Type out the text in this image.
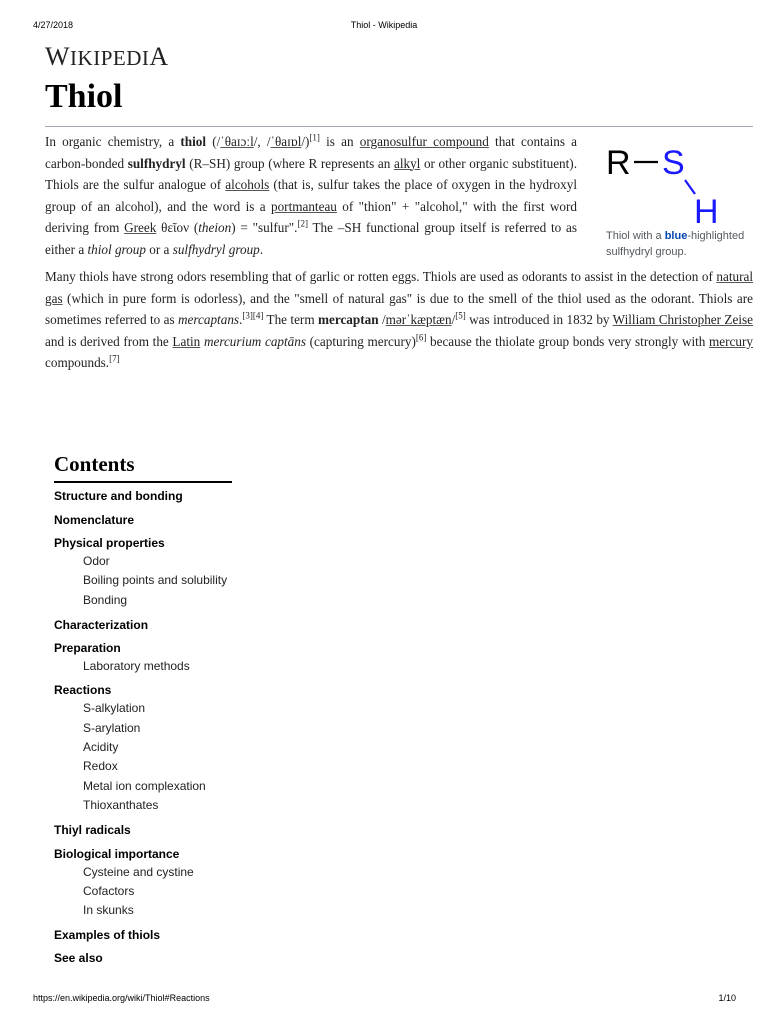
4/27/2018	Thiol - Wikipedia
WIKIPEDIA
Thiol

In organic chemistry, a thiol (/ˈθaɪɔːl/, /ˈθaɪɒl/)[1] is an organosulfur compound that contains a carbon-bonded sulfhydryl (R–SH) group (where R represents an alkyl or other organic substituent). Thiols are the sulfur analogue of alcohols (that is, sulfur takes the place of oxygen in the hydroxyl group of an alcohol), and the word is a portmanteau of "thion" + "alcohol," with the first word deriving from Greek θεῖον (theion) = "sulfur".[2] The –SH functional group itself is referred to as either a thiol group or a sulfhydryl group.

R S
H
Thiol with a blue-highlighted sulfhydryl group.

Many thiols have strong odors resembling that of garlic or rotten eggs. Thiols are used as odorants to assist in the detection of natural gas (which in pure form is odorless), and the "smell of natural gas" is due to the smell of the thiol used as the odorant. Thiols are sometimes referred to as mercaptans.[3][4] The term mercaptan /mərˈkæptæn/[5] was introduced in 1832 by William Christopher Zeise and is derived from the Latin mercurium captāns (capturing mercury)[6] because the thiolate group bonds very strongly with mercury compounds.[7]

Contents
Structure and bonding
Nomenclature
Physical properties
Odor
Boiling points and solubility
Bonding
Characterization
Preparation
Laboratory methods
Reactions
S-alkylation
S-arylation
Acidity
Redox
Metal ion complexation
Thioxanthates
Thiyl radicals
Biological importance
Cysteine and cystine
Cofactors
In skunks
Examples of thiols
See also
https://en.wikipedia.org/wiki/Thiol#Reactions	1/10
